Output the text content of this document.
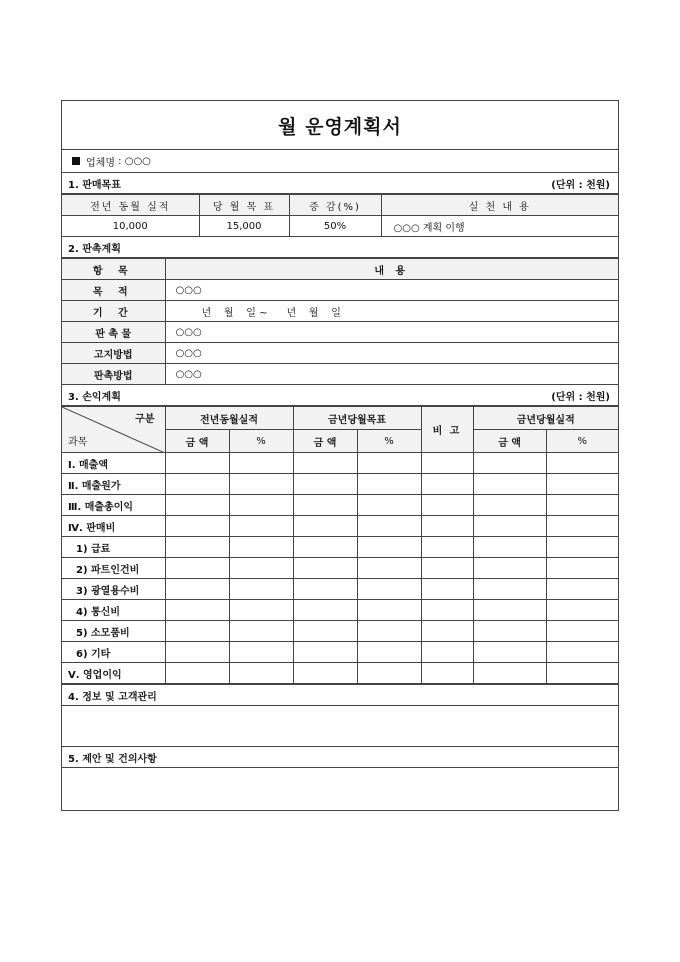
월 운영계획서
업체명 : ○○○
1. 판매목표	(단위 : 천원)
전년 동월 실적	당 월 목 표	증 감(%)	실 천 내 용
10,000	15,000	50%	○○○ 계획 이행
2. 판촉계획
항 목	내 용
목 적	○○○
기 간	년    월    일 ~      년    월    일
판 촉 물	○○○
고지방법	○○○
판촉방법	○○○
3. 손익계획	(단위 : 천원)
구분
과목	전년동월실적		금년당월목표		비 고	금년당월실적	
	금 액	%	금 액	%		금 액	%
Ⅰ. 매출액							
Ⅱ. 매출원가							
Ⅲ. 매출총이익							
Ⅳ. 판매비							
1) 급료							
2) 파트인건비							
3) 광열용수비							
4) 통신비							
5) 소모품비							
6) 기타							
Ⅴ. 영업이익							
4. 정보 및 고객관리
5. 제안 및 건의사항
